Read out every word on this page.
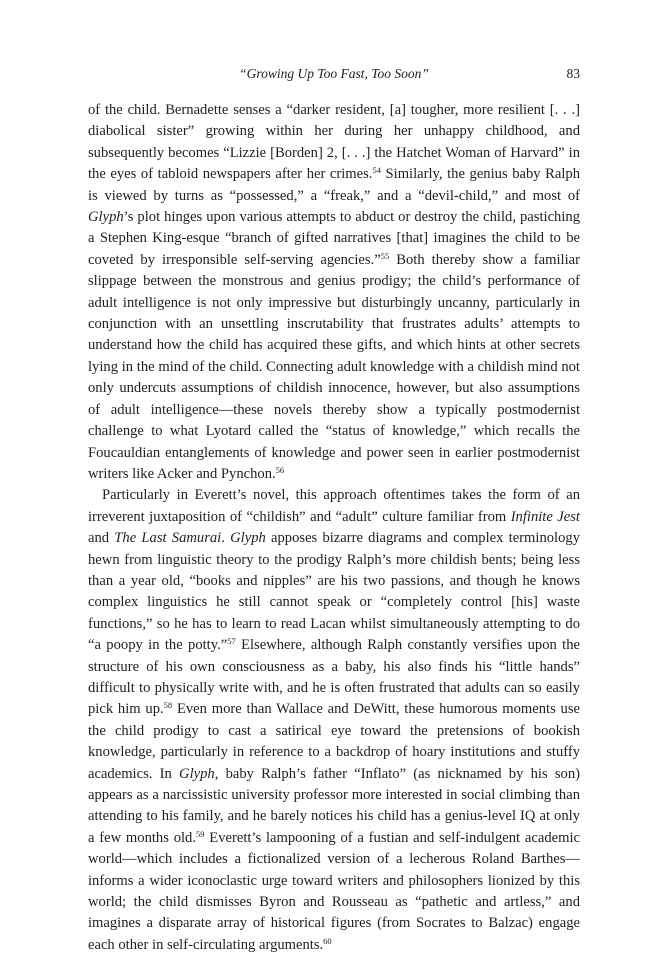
“Growing Up Too Fast, Too Soon”	83

of the child. Bernadette senses a “darker resident, [a] tougher, more resilient [. . .] diabolical sister” growing within her during her unhappy childhood, and subsequently becomes “Lizzie [Borden] 2, [. . .] the Hatchet Woman of Harvard” in the eyes of tabloid newspapers after her crimes.$^{54}$ Similarly, the genius baby Ralph is viewed by turns as “possessed,” a “freak,” and a “devil-child,” and most of Glyph’s plot hinges upon various attempts to abduct or destroy the child, pastiching a Stephen King-esque “branch of gifted narratives [that] imagines the child to be coveted by irresponsible self-serving agencies.”$^{55}$ Both thereby show a familiar slippage between the monstrous and genius prodigy; the child’s performance of adult intelligence is not only impressive but disturbingly uncanny, particularly in conjunction with an unsettling inscrutability that frustrates adults’ attempts to understand how the child has acquired these gifts, and which hints at other secrets lying in the mind of the child. Connecting adult knowledge with a childish mind not only undercuts assumptions of childish innocence, however, but also assumptions of adult intelligence—these novels thereby show a typically postmodernist challenge to what Lyotard called the “status of knowledge,” which recalls the Foucauldian entanglements of knowledge and power seen in earlier postmodernist writers like Acker and Pynchon.$^{56}$

Particularly in Everett’s novel, this approach oftentimes takes the form of an irreverent juxtaposition of “childish” and “adult” culture familiar from Infinite Jest and The Last Samurai. Glyph apposes bizarre diagrams and complex terminology hewn from linguistic theory to the prodigy Ralph’s more childish bents; being less than a year old, “books and nipples” are his two passions, and though he knows complex linguistics he still cannot speak or “completely control [his] waste functions,” so he has to learn to read Lacan whilst simultaneously attempting to do “a poopy in the potty.”$^{57}$ Elsewhere, although Ralph constantly versifies upon the structure of his own consciousness as a baby, his also finds his “little hands” difficult to physically write with, and he is often frustrated that adults can so easily pick him up.$^{58}$ Even more than Wallace and DeWitt, these humorous moments use the child prodigy to cast a satirical eye toward the pretensions of bookish knowledge, particularly in reference to a backdrop of hoary institutions and stuffy academics. In Glyph, baby Ralph’s father “Inflato” (as nicknamed by his son) appears as a narcissistic university professor more interested in social climbing than attending to his family, and he barely notices his child has a genius-level IQ at only a few months old.$^{59}$ Everett’s lampooning of a fustian and self-indulgent academic world—which includes a fictionalized version of a lecherous Roland Barthes—informs a wider iconoclastic urge toward writers and philosophers lionized by this world; the child dismisses Byron and Rousseau as “pathetic and artless,” and imagines a disparate array of historical figures (from Socrates to Balzac) engage each other in self-circulating arguments.$^{60}$
